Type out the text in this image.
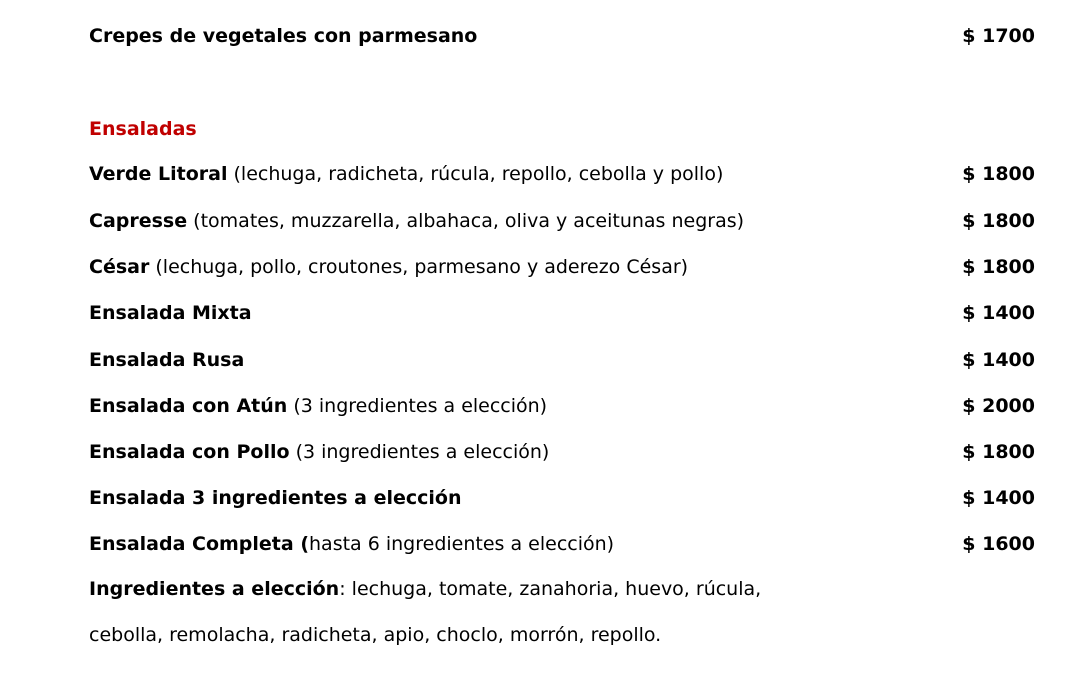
Crepes de vegetales con parmesano	$ 1700
Ensaladas
Verde Litoral (lechuga, radicheta, rúcula, repollo, cebolla y pollo)	$ 1800
Capresse (tomates, muzzarella, albahaca, oliva y aceitunas negras)	$ 1800
César (lechuga, pollo, croutones, parmesano y aderezo César)	$ 1800
Ensalada Mixta	$ 1400
Ensalada Rusa	$ 1400
Ensalada con Atún (3 ingredientes a elección)	$ 2000
Ensalada con Pollo (3 ingredientes a elección)	$ 1800
Ensalada 3 ingredientes a elección	$ 1400
Ensalada Completa (hasta 6 ingredientes a elección)	$ 1600
Ingredientes a elección: lechuga, tomate, zanahoria, huevo, rúcula,
cebolla, remolacha, radicheta, apio, choclo, morrón, repollo.
